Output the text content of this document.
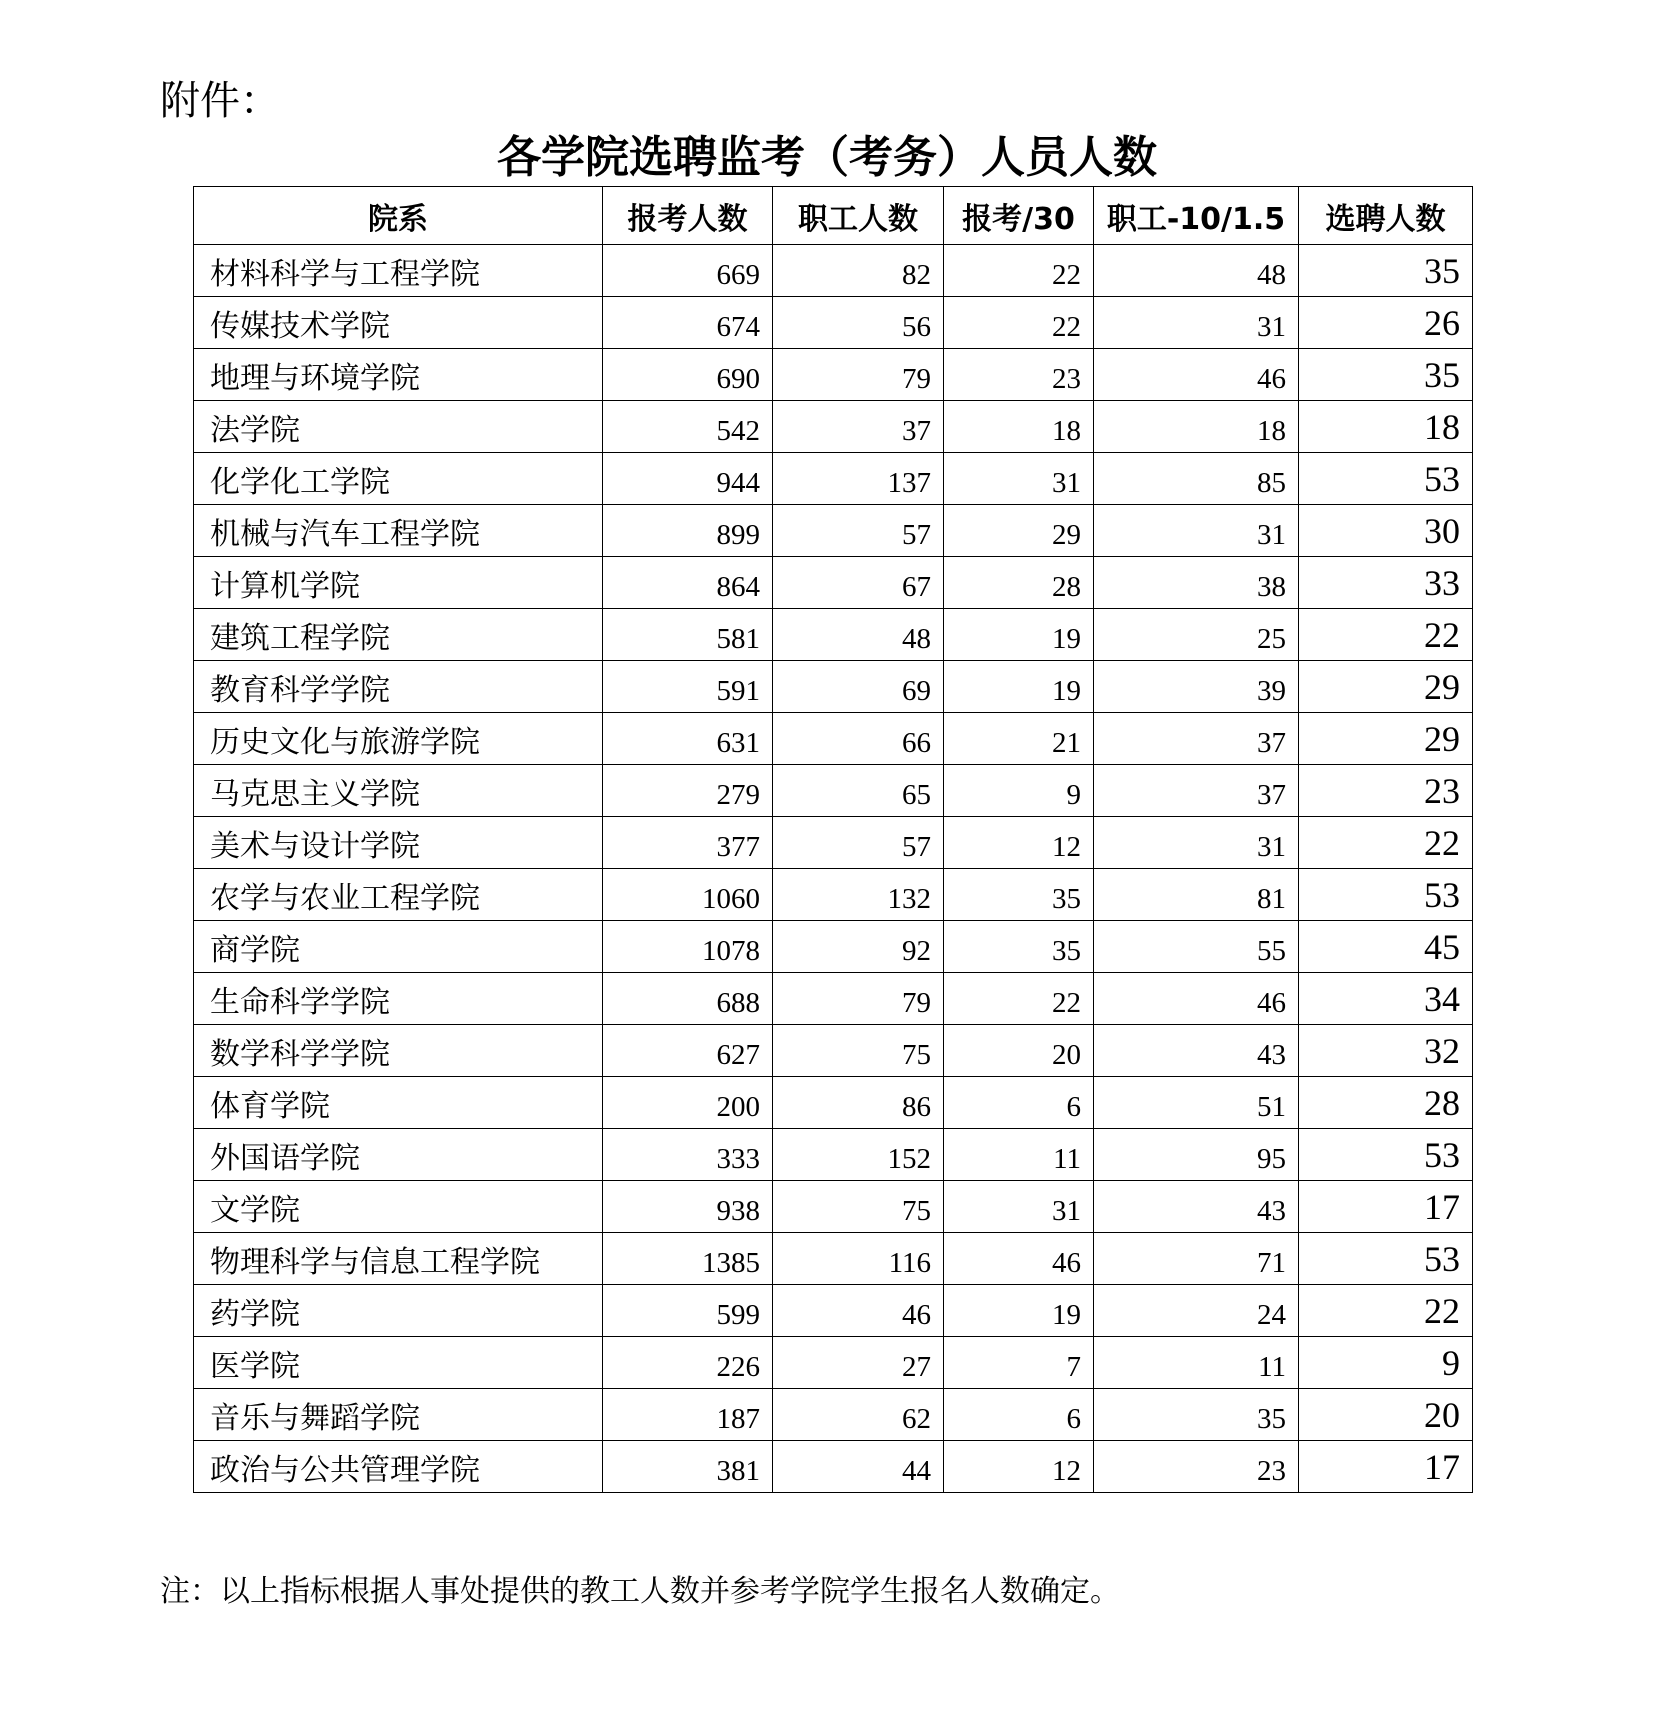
附件：
各学院选聘监考（考务）人员人数
院系	报考人数	职工人数	报考/30	职工-10/1.5	选聘人数
材料科学与工程学院	669	82	22	48	35
传媒技术学院	674	56	22	31	26
地理与环境学院	690	79	23	46	35
法学院	542	37	18	18	18
化学化工学院	944	137	31	85	53
机械与汽车工程学院	899	57	29	31	30
计算机学院	864	67	28	38	33
建筑工程学院	581	48	19	25	22
教育科学学院	591	69	19	39	29
历史文化与旅游学院	631	66	21	37	29
马克思主义学院	279	65	9	37	23
美术与设计学院	377	57	12	31	22
农学与农业工程学院	1060	132	35	81	53
商学院	1078	92	35	55	45
生命科学学院	688	79	22	46	34
数学科学学院	627	75	20	43	32
体育学院	200	86	6	51	28
外国语学院	333	152	11	95	53
文学院	938	75	31	43	17
物理科学与信息工程学院	1385	116	46	71	53
药学院	599	46	19	24	22
医学院	226	27	7	11	9
音乐与舞蹈学院	187	62	6	35	20
政治与公共管理学院	381	44	12	23	17
注：以上指标根据人事处提供的教工人数并参考学院学生报名人数确定。
